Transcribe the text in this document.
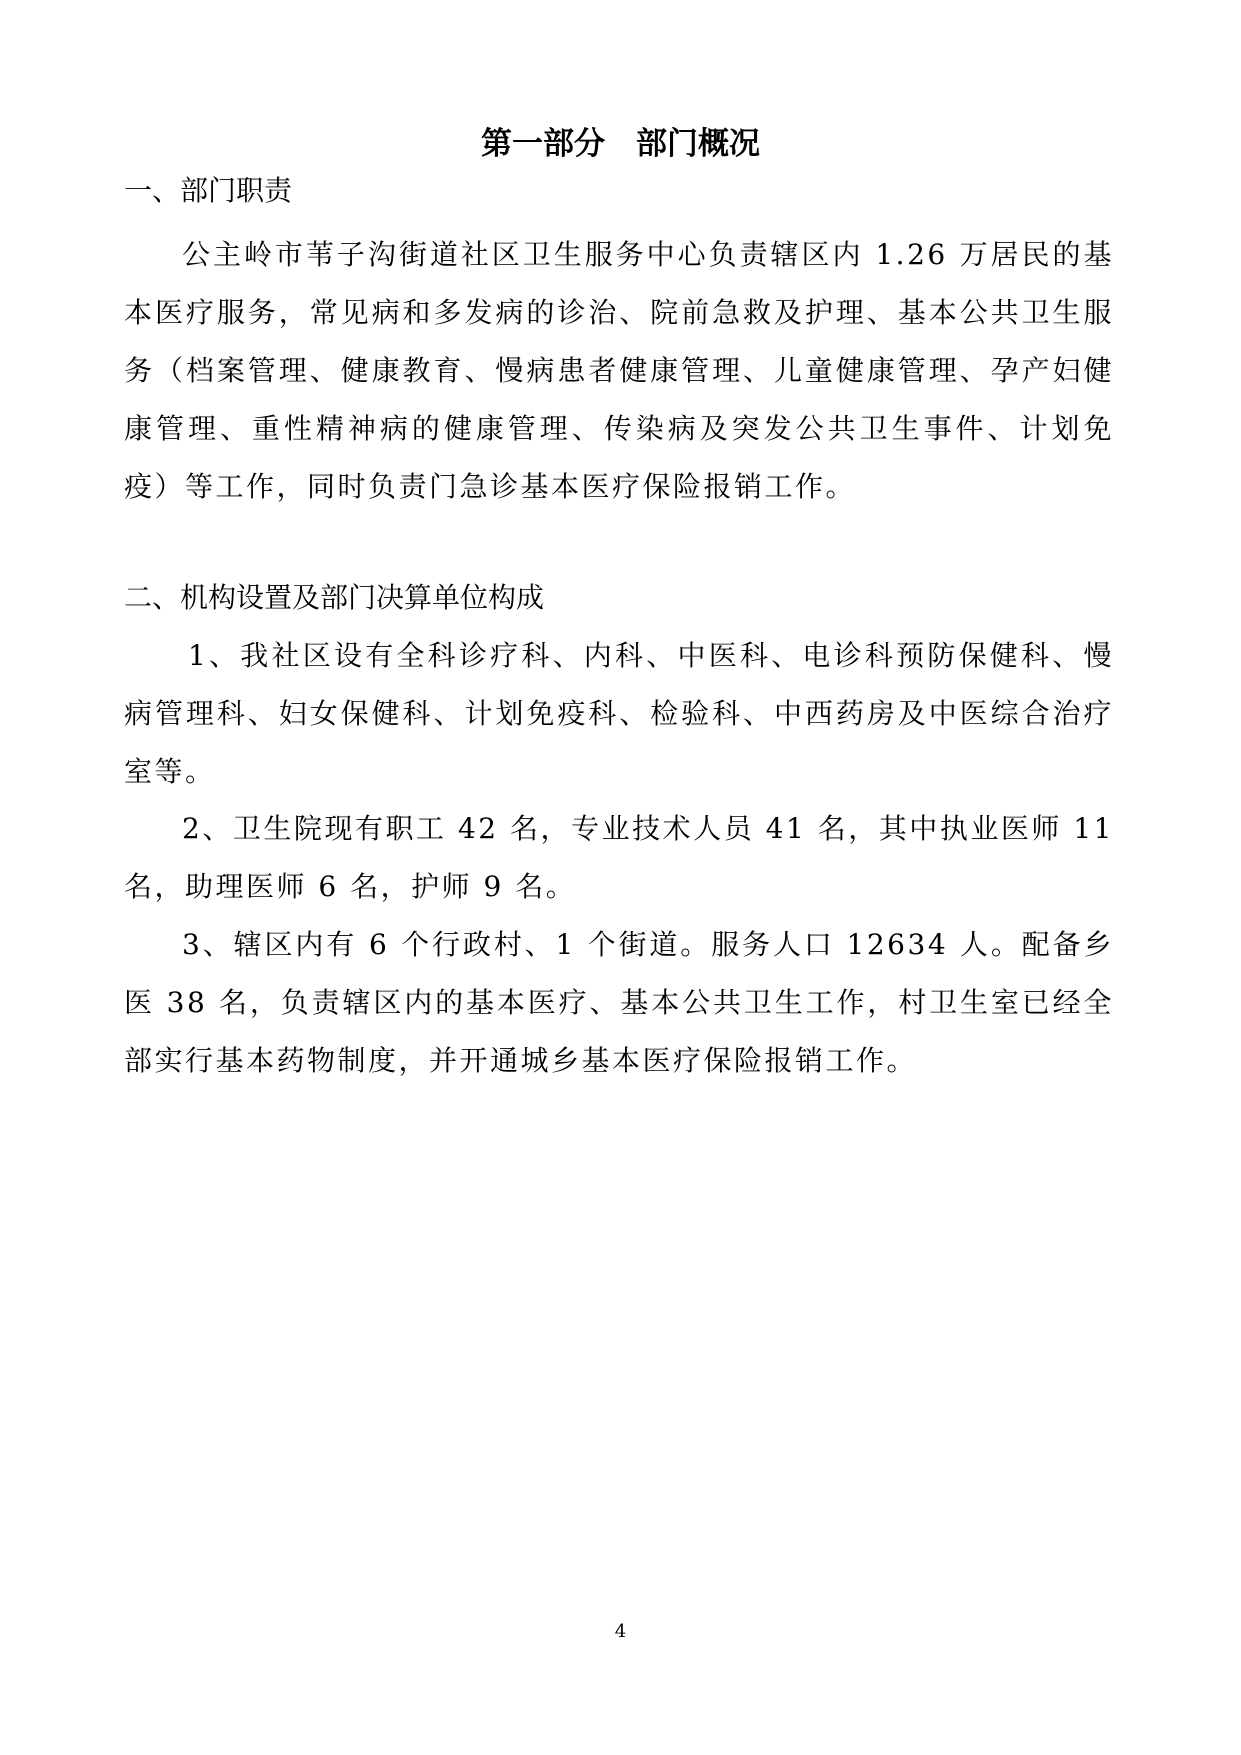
第一部分　部门概况
一、部门职责

公主岭市苇子沟街道社区卫生服务中心负责辖区内 1.26 万居民的基本医疗服务，常见病和多发病的诊治、院前急救及护理、基本公共卫生服务（档案管理、健康教育、慢病患者健康管理、儿童健康管理、孕产妇健康管理、重性精神病的健康管理、传染病及突发公共卫生事件、计划免疫）等工作，同时负责门急诊基本医疗保险报销工作。

二、机构设置及部门决算单位构成

1、我社区设有全科诊疗科、内科、中医科、电诊科预防保健科、慢病管理科、妇女保健科、计划免疫科、检验科、中西药房及中医综合治疗室等。

2、卫生院现有职工 42 名，专业技术人员 41 名，其中执业医师 11 名，助理医师 6 名，护师 9 名。

3、辖区内有 6 个行政村、1 个街道。服务人口 12634 人。配备乡医 38 名，负责辖区内的基本医疗、基本公共卫生工作，村卫生室已经全部实行基本药物制度，并开通城乡基本医疗保险报销工作。

4
